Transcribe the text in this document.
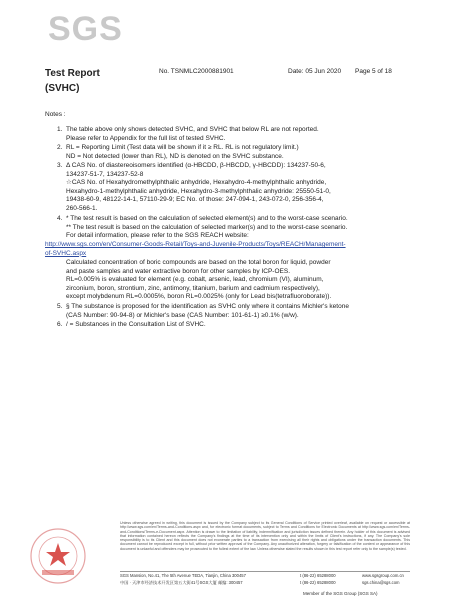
SGS
Test Report
(SVHC)
No. TSNMLC2000881901	Date: 05 Jun 2020 Page 5 of 18
Notes :
1. The table above only shows detected SVHC, and SVHC that below RL are not reported.
Please refer to Appendix for the full list of tested SVHC.
2. RL = Reporting Limit (Test data will be shown if it ≥ RL. RL is not regulatory limit.)
ND = Not detected (lower than RL), ND is denoted on the SVHC substance.
3. Δ CAS No. of diastereoisomers identified (α-HBCDD, β-HBCDD, γ-HBCDD): 134237-50-6,
134237-51-7, 134237-52-8
☆CAS No. of Hexahydromethylphthalic anhydride, Hexahydro-4-methylphthalic anhydride,
Hexahydro-1-methylphthalic anhydride, Hexahydro-3-methylphthalic anhydride: 25550-51-0,
19438-60-9, 48122-14-1, 57110-29-9; EC No. of those: 247-094-1, 243-072-0, 256-356-4,
260-566-1.
4. * The test result is based on the calculation of selected element(s) and to the worst-case scenario.
** The test result is based on the calculation of selected marker(s) and to the worst-case scenario.
For detail information, please refer to the SGS REACH website:
http://www.sgs.com/en/Consumer-Goods-Retail/Toys-and-Juvenile-Products/Toys/REACH/Management-
of-SVHC.aspx
Calculated concentration of boric compounds are based on the total boron for liquid, powder
and paste samples and water extractive boron for other samples by ICP-OES.
RL=0.005% is evaluated for element (e.g. cobalt, arsenic, lead, chromium (VI), aluminum,
zirconium, boron, strontium, zinc, antimony, titanium, barium and cadmium respectively),
except molybdenum RL=0.0005%, boron RL=0.0025% (only for Lead bis(tetrafluoroborate)).
5. § The substance is proposed for the identification as SVHC only where it contains Michler's ketone
(CAS Number: 90-94-8) or Michler's base (CAS Number: 101-61-1) ≥0.1% (w/w).
6. / = Substances in the Consultation List of SVHC.
Unless otherwise agreed in writing, this document is issued by the Company subject to its General Conditions of Service printed overleaf, available on request or accessible at http://www.sgs.com/en/Terms-and-Conditions.aspx and, for electronic format documents, subject to Terms and Conditions for Electronic Documents at http://www.sgs.com/en/Terms-and-Conditions/Terms-e-Document.aspx. Attention is drawn to the limitation of liability, indemnification and jurisdiction issues defined therein. Any holder of this document is advised that information contained hereon reflects the Company's findings at the time of its intervention only and within the limits of Client's instructions, if any. The Company's sole responsibility is to its Client and this document does not exonerate parties to a transaction from exercising all their rights and obligations under the transaction documents. This document cannot be reproduced except in full, without prior written approval of the Company. Any unauthorized alteration, forgery or falsification of the content or appearance of this document is unlawful and offenders may be prosecuted to the fullest extent of the law. Unless otherwise stated the results shown in this test report refer only to the sample(s) tested.
SGS Mansion, No.41, The 5th Avenue TEDA, Tianjin, China 300457	t (86-22) 65288000	www.sgsgroup.com.cn
中国 · 天津市经济技术开发区第五大街41号SGS大厦 邮编: 300457	t (86-22) 65288000	sgs.china@sgs.com
Member of the SGS Group (SGS SA)
